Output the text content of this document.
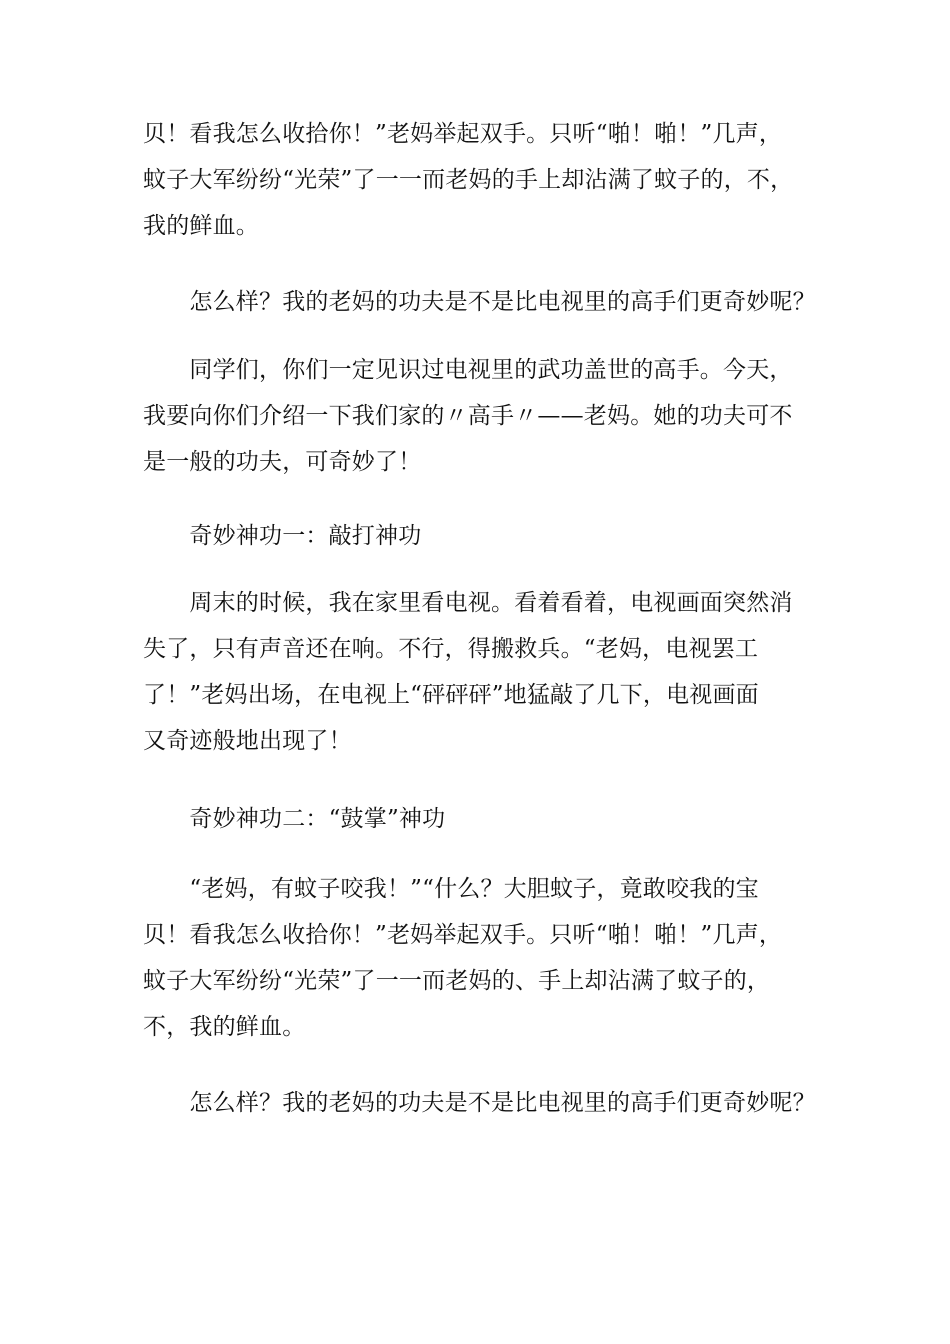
贝！看我怎么收拾你！”老妈举起双手。只听“啪！啪！”几声，
蚊子大军纷纷“光荣”了一一而老妈的手上却沾满了蚊子的，不，
我的鲜血。
　　怎么样？我的老妈的功夫是不是比电视里的高手们更奇妙呢？
　　同学们，你们一定见识过电视里的武功盖世的高手。今天，
我要向你们介绍一下我们家的〃高手〃——老妈。她的功夫可不
是一般的功夫，可奇妙了！
　　奇妙神功一：敲打神功
　　周末的时候，我在家里看电视。看着看着，电视画面突然消
失了，只有声音还在响。不行，得搬救兵。“老妈，电视罢工
了！”老妈出场，在电视上“砰砰砰”地猛敲了几下，电视画面
又奇迹般地出现了！
　　奇妙神功二：“鼓掌”神功
　　“老妈，有蚊子咬我！”“什么？大胆蚊子，竟敢咬我的宝
贝！看我怎么收拾你！”老妈举起双手。只听“啪！啪！”几声，
蚊子大军纷纷“光荣”了一一而老妈的、手上却沾满了蚊子的，
不，我的鲜血。
　　怎么样？我的老妈的功夫是不是比电视里的高手们更奇妙呢？
